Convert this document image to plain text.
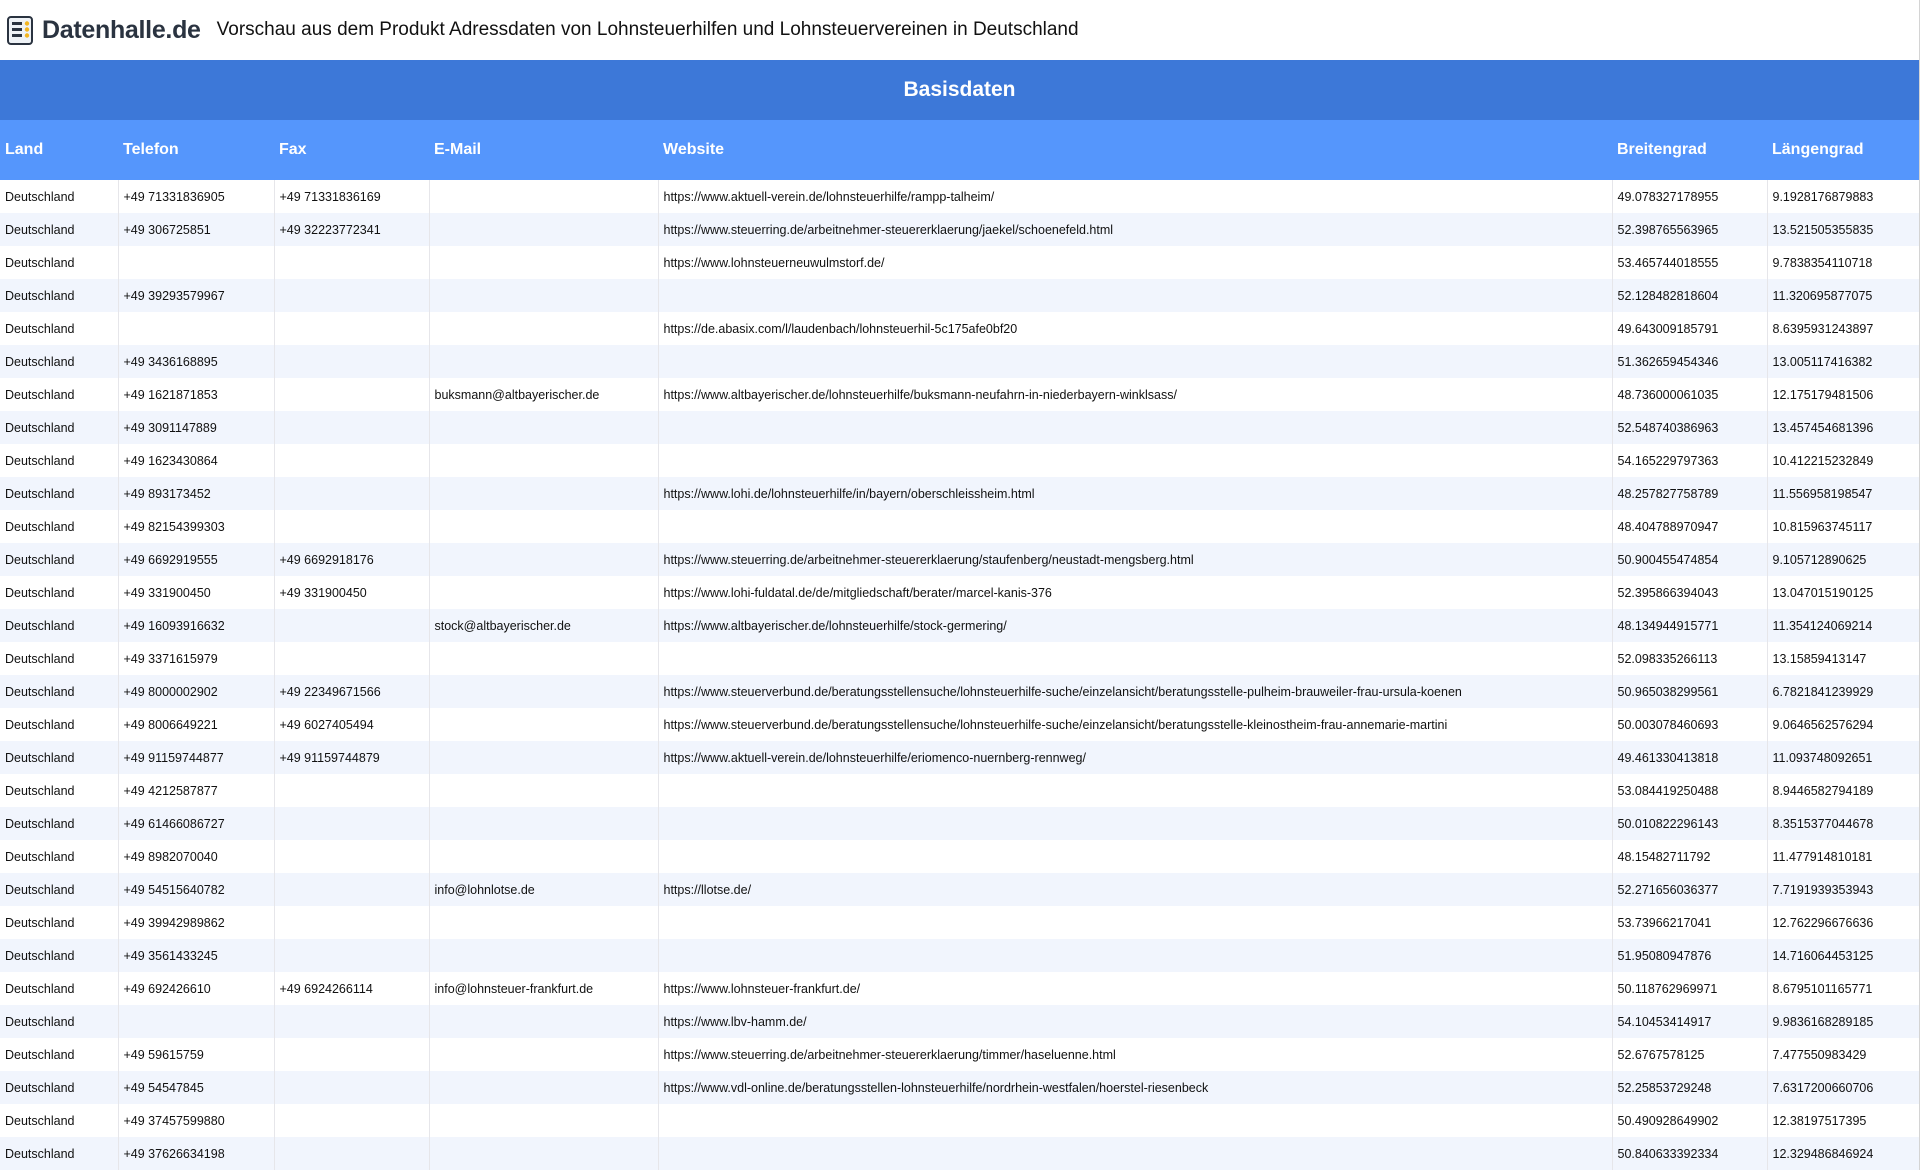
Datenhalle.de Vorschau aus dem Produkt Adressdaten von Lohnsteuerhilfen und Lohnsteuervereinen in Deutschland
Basisdaten
Land	Telefon	Fax	E-Mail	Website	Breitengrad	Längengrad
Deutschland	+49 71331836905	+49 71331836169		https://www.aktuell-verein.de/lohnsteuerhilfe/rampp-talheim/	49.078327178955	9.1928176879883
Deutschland	+49 306725851	+49 32223772341		https://www.steuerring.de/arbeitnehmer-steuererklaerung/jaekel/schoenefeld.html	52.398765563965	13.521505355835
Deutschland				https://www.lohnsteuerneuwulmstorf.de/	53.465744018555	9.7838354110718
Deutschland	+49 39293579967				52.128482818604	11.320695877075
Deutschland				https://de.abasix.com/l/laudenbach/lohnsteuerhil-5c175afe0bf20	49.643009185791	8.6395931243897
Deutschland	+49 3436168895				51.362659454346	13.005117416382
Deutschland	+49 1621871853		buksmann@altbayerischer.de	https://www.altbayerischer.de/lohnsteuerhilfe/buksmann-neufahrn-in-niederbayern-winklsass/	48.736000061035	12.175179481506
Deutschland	+49 3091147889				52.548740386963	13.457454681396
Deutschland	+49 1623430864				54.165229797363	10.412215232849
Deutschland	+49 893173452			https://www.lohi.de/lohnsteuerhilfe/in/bayern/oberschleissheim.html	48.257827758789	11.556958198547
Deutschland	+49 82154399303				48.404788970947	10.815963745117
Deutschland	+49 6692919555	+49 6692918176		https://www.steuerring.de/arbeitnehmer-steuererklaerung/staufenberg/neustadt-mengsberg.html	50.900455474854	9.105712890625
Deutschland	+49 331900450	+49 331900450		https://www.lohi-fuldatal.de/de/mitgliedschaft/berater/marcel-kanis-376	52.395866394043	13.047015190125
Deutschland	+49 16093916632		stock@altbayerischer.de	https://www.altbayerischer.de/lohnsteuerhilfe/stock-germering/	48.134944915771	11.354124069214
Deutschland	+49 3371615979				52.098335266113	13.15859413147
Deutschland	+49 8000002902	+49 22349671566		https://www.steuerverbund.de/beratungsstellensuche/lohnsteuerhilfe-suche/einzelansicht/beratungsstelle-pulheim-brauweiler-frau-ursula-koenen	50.965038299561	6.7821841239929
Deutschland	+49 8006649221	+49 6027405494		https://www.steuerverbund.de/beratungsstellensuche/lohnsteuerhilfe-suche/einzelansicht/beratungsstelle-kleinostheim-frau-annemarie-martini	50.003078460693	9.0646562576294
Deutschland	+49 91159744877	+49 91159744879		https://www.aktuell-verein.de/lohnsteuerhilfe/eriomenco-nuernberg-rennweg/	49.461330413818	11.093748092651
Deutschland	+49 4212587877				53.084419250488	8.9446582794189
Deutschland	+49 61466086727				50.010822296143	8.3515377044678
Deutschland	+49 8982070040				48.15482711792	11.477914810181
Deutschland	+49 54515640782		info@lohnlotse.de	https://llotse.de/	52.271656036377	7.7191939353943
Deutschland	+49 39942989862				53.73966217041	12.762296676636
Deutschland	+49 3561433245				51.95080947876	14.716064453125
Deutschland	+49 692426610	+49 6924266114	info@lohnsteuer-frankfurt.de	https://www.lohnsteuer-frankfurt.de/	50.118762969971	8.6795101165771
Deutschland				https://www.lbv-hamm.de/	54.10453414917	9.9836168289185
Deutschland	+49 59615759			https://www.steuerring.de/arbeitnehmer-steuererklaerung/timmer/haseluenne.html	52.6767578125	7.477550983429
Deutschland	+49 54547845			https://www.vdl-online.de/beratungsstellen-lohnsteuerhilfe/nordrhein-westfalen/hoerstel-riesenbeck	52.25853729248	7.6317200660706
Deutschland	+49 37457599880				50.490928649902	12.38197517395
Deutschland	+49 37626634198				50.840633392334	12.329486846924
